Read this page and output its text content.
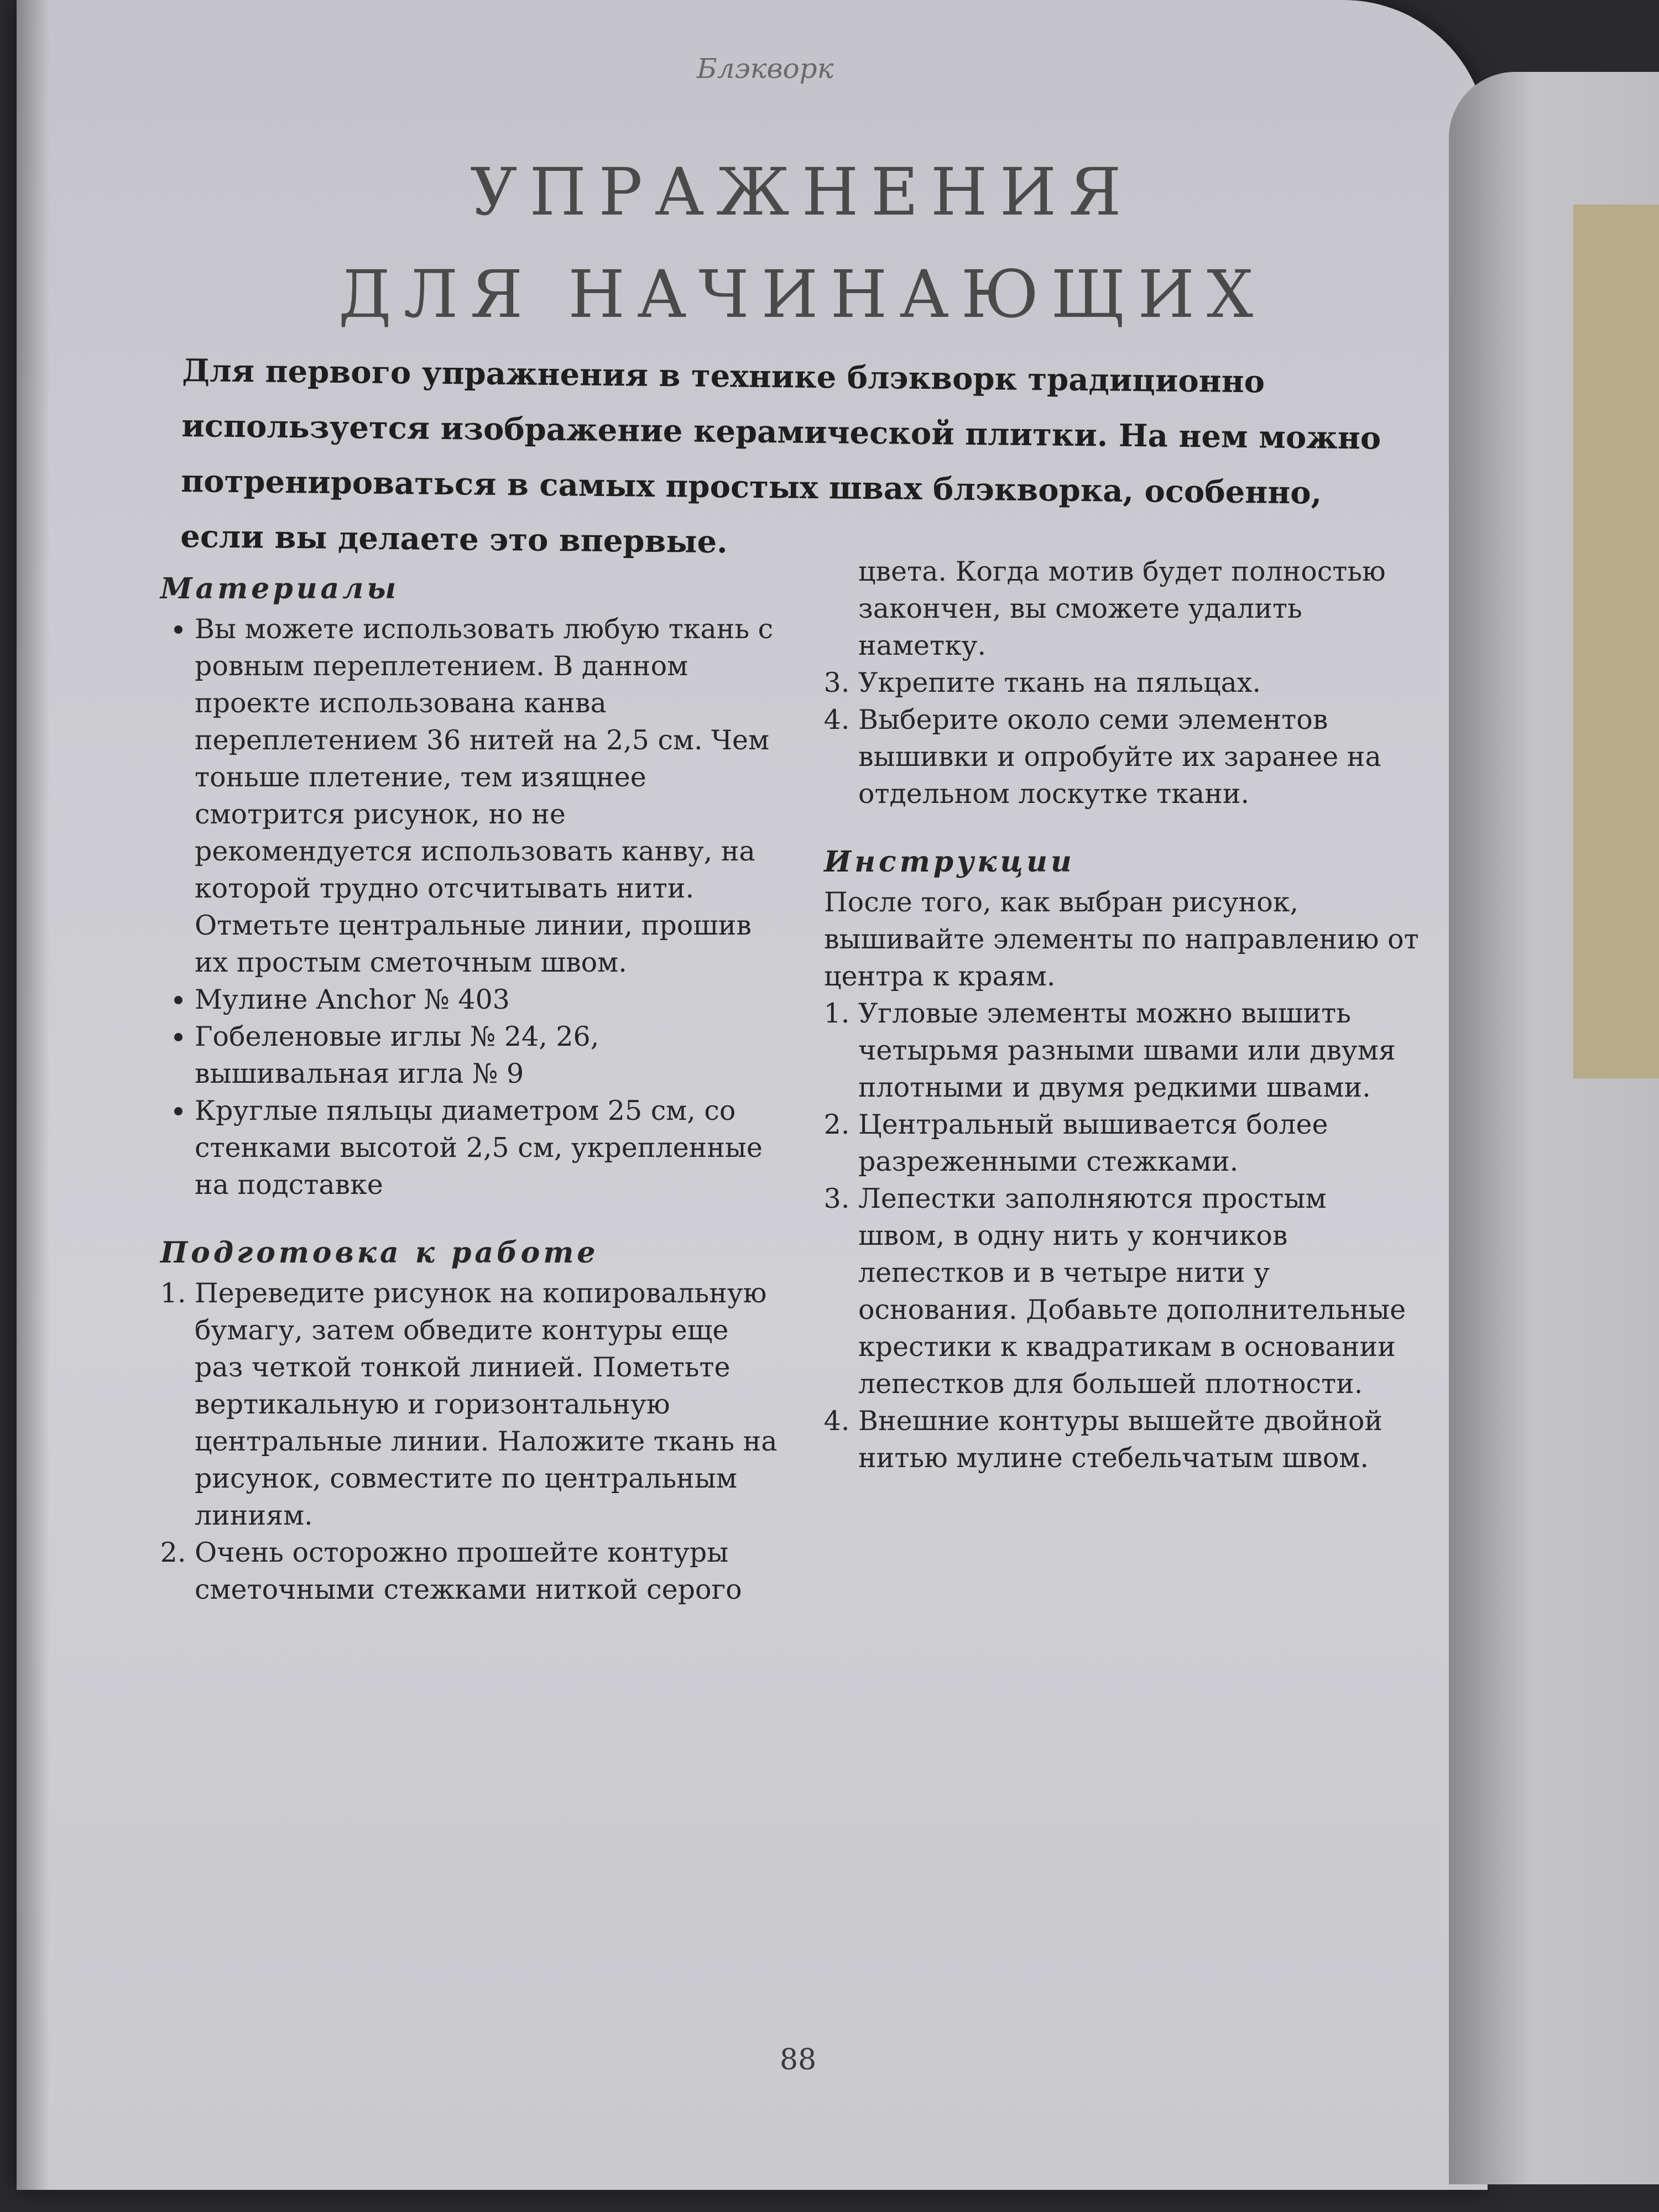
Блэкворк
УПРАЖНЕНИЯ
ДЛЯ НАЧИНАЮЩИХ
Для первого упражнения в технике блэкворк традиционно используется изображение керамической плитки. На нем можно потренироваться в самых простых швах блэкворка, особенно, если вы делаете это впервые.
Материалы
• Вы можете использовать любую ткань с ровным переплетением. В данном проекте использована канва переплетением 36 нитей на 2,5 см. Чем тоньше плетение, тем изящнее смотрится рисунок, но не рекомендуется использовать канву, на которой трудно отсчитывать нити. Отметьте центральные линии, прошив их простым сметочным швом.
• Мулине Anchor № 403
• Гобеленовые иглы № 24, 26, вышивальная игла № 9
• Круглые пяльцы диаметром 25 см, со стенками высотой 2,5 см, укрепленные на подставке
Подготовка к работе
1. Переведите рисунок на копировальную бумагу, затем обведите контуры еще раз четкой тонкой линией. Пометьте вертикальную и горизонтальную центральные линии. Наложите ткань на рисунок, совместите по центральным линиям.
2. Очень осторожно прошейте контуры сметочными стежками ниткой серого

цвета. Когда мотив будет полностью закончен, вы сможете удалить наметку.

3. Укрепите ткань на пяльцах.
4. Выберите около семи элементов вышивки и опробуйте их заранее на отдельном лоскутке ткани.
Инструкции

После того, как выбран рисунок, вышивайте элементы по направлению от центра к краям.

1. Угловые элементы можно вышить четырьмя разными швами или двумя плотными и двумя редкими швами.
2. Центральный вышивается более разреженными стежками.
3. Лепестки заполняются простым швом, в одну нить у кончиков лепестков и в четыре нити у основания. Добавьте дополнительные крестики к квадратикам в основании лепестков для большей плотности.
4. Внешние контуры вышейте двойной нитью мулине стебельчатым швом.
88
